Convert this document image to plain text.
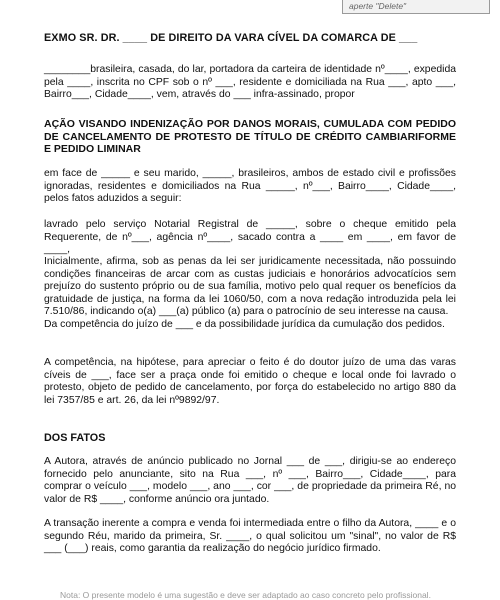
aperte "Delete"

EXMO SR. DR. ____ DE DIREITO DA VARA CÍVEL DA COMARCA DE ___

________brasileira, casada, do lar, portadora da carteira de identidade nº____, expedida pela ____, inscrita no CPF sob o nº ___, residente e domiciliada na Rua ___, apto ___, Bairro___, Cidade____, vem, através do ___ infra-assinado, propor

AÇÃO VISANDO INDENIZAÇÃO POR DANOS MORAIS, CUMULADA COM PEDIDO DE CANCELAMENTO DE PROTESTO DE TÍTULO DE CRÉDITO CAMBIARIFORME E PEDIDO LIMINAR

em face de _____ e seu marido, _____, brasileiros, ambos de estado civil e profissões ignoradas, residentes e domiciliados na Rua _____, nº___, Bairro____, Cidade____, pelos fatos aduzidos a seguir:

lavrado pelo serviço Notarial Registral de _____, sobre o cheque emitido pela Requerente, de nº___, agência nº____, sacado contra a ____ em ____, em favor de ____,

Inicialmente, afirma, sob as penas da lei ser juridicamente necessitada, não possuindo condições financeiras de arcar com as custas judiciais e honorários advocatícios sem prejuízo do sustento próprio ou de sua família, motivo pelo qual requer os benefícios da gratuidade de justiça, na forma da lei 1060/50, com a nova redação introduzida pela lei 7.510/86, indicando o(a) ___(a) público (a) para o patrocínio de seu interesse na causa.

Da competência do juízo de ___ e da possibilidade jurídica da cumulação dos pedidos.

A competência, na hipótese, para apreciar o feito é do doutor juízo de uma das varas cíveis de ___, face ser a praça onde foi emitido o cheque e local onde foi lavrado o protesto, objeto de pedido de cancelamento, por força do estabelecido no artigo 880 da lei 7357/85 e art. 26, da lei nº9892/97.

DOS FATOS

A Autora, através de anúncio publicado no Jornal ___ de ___, dirigiu-se ao endereço fornecido pelo anunciante, sito na Rua ___, nº ___, Bairro___, Cidade____, para comprar o veículo ___, modelo ___, ano ___, cor ___, de propriedade da primeira Ré, no valor de R$ ____, conforme anúncio ora juntado.

A transação inerente a compra e venda foi intermediada entre o filho da Autora, ____ e o segundo Réu, marido da primeira, Sr. ____, o qual solicitou um "sinal", no valor de R$ ___ (___) reais, como garantia da realização do negócio jurídico firmado.

Nota: O presente modelo é uma sugestão e deve ser adaptado ao caso concreto pelo profissional.
